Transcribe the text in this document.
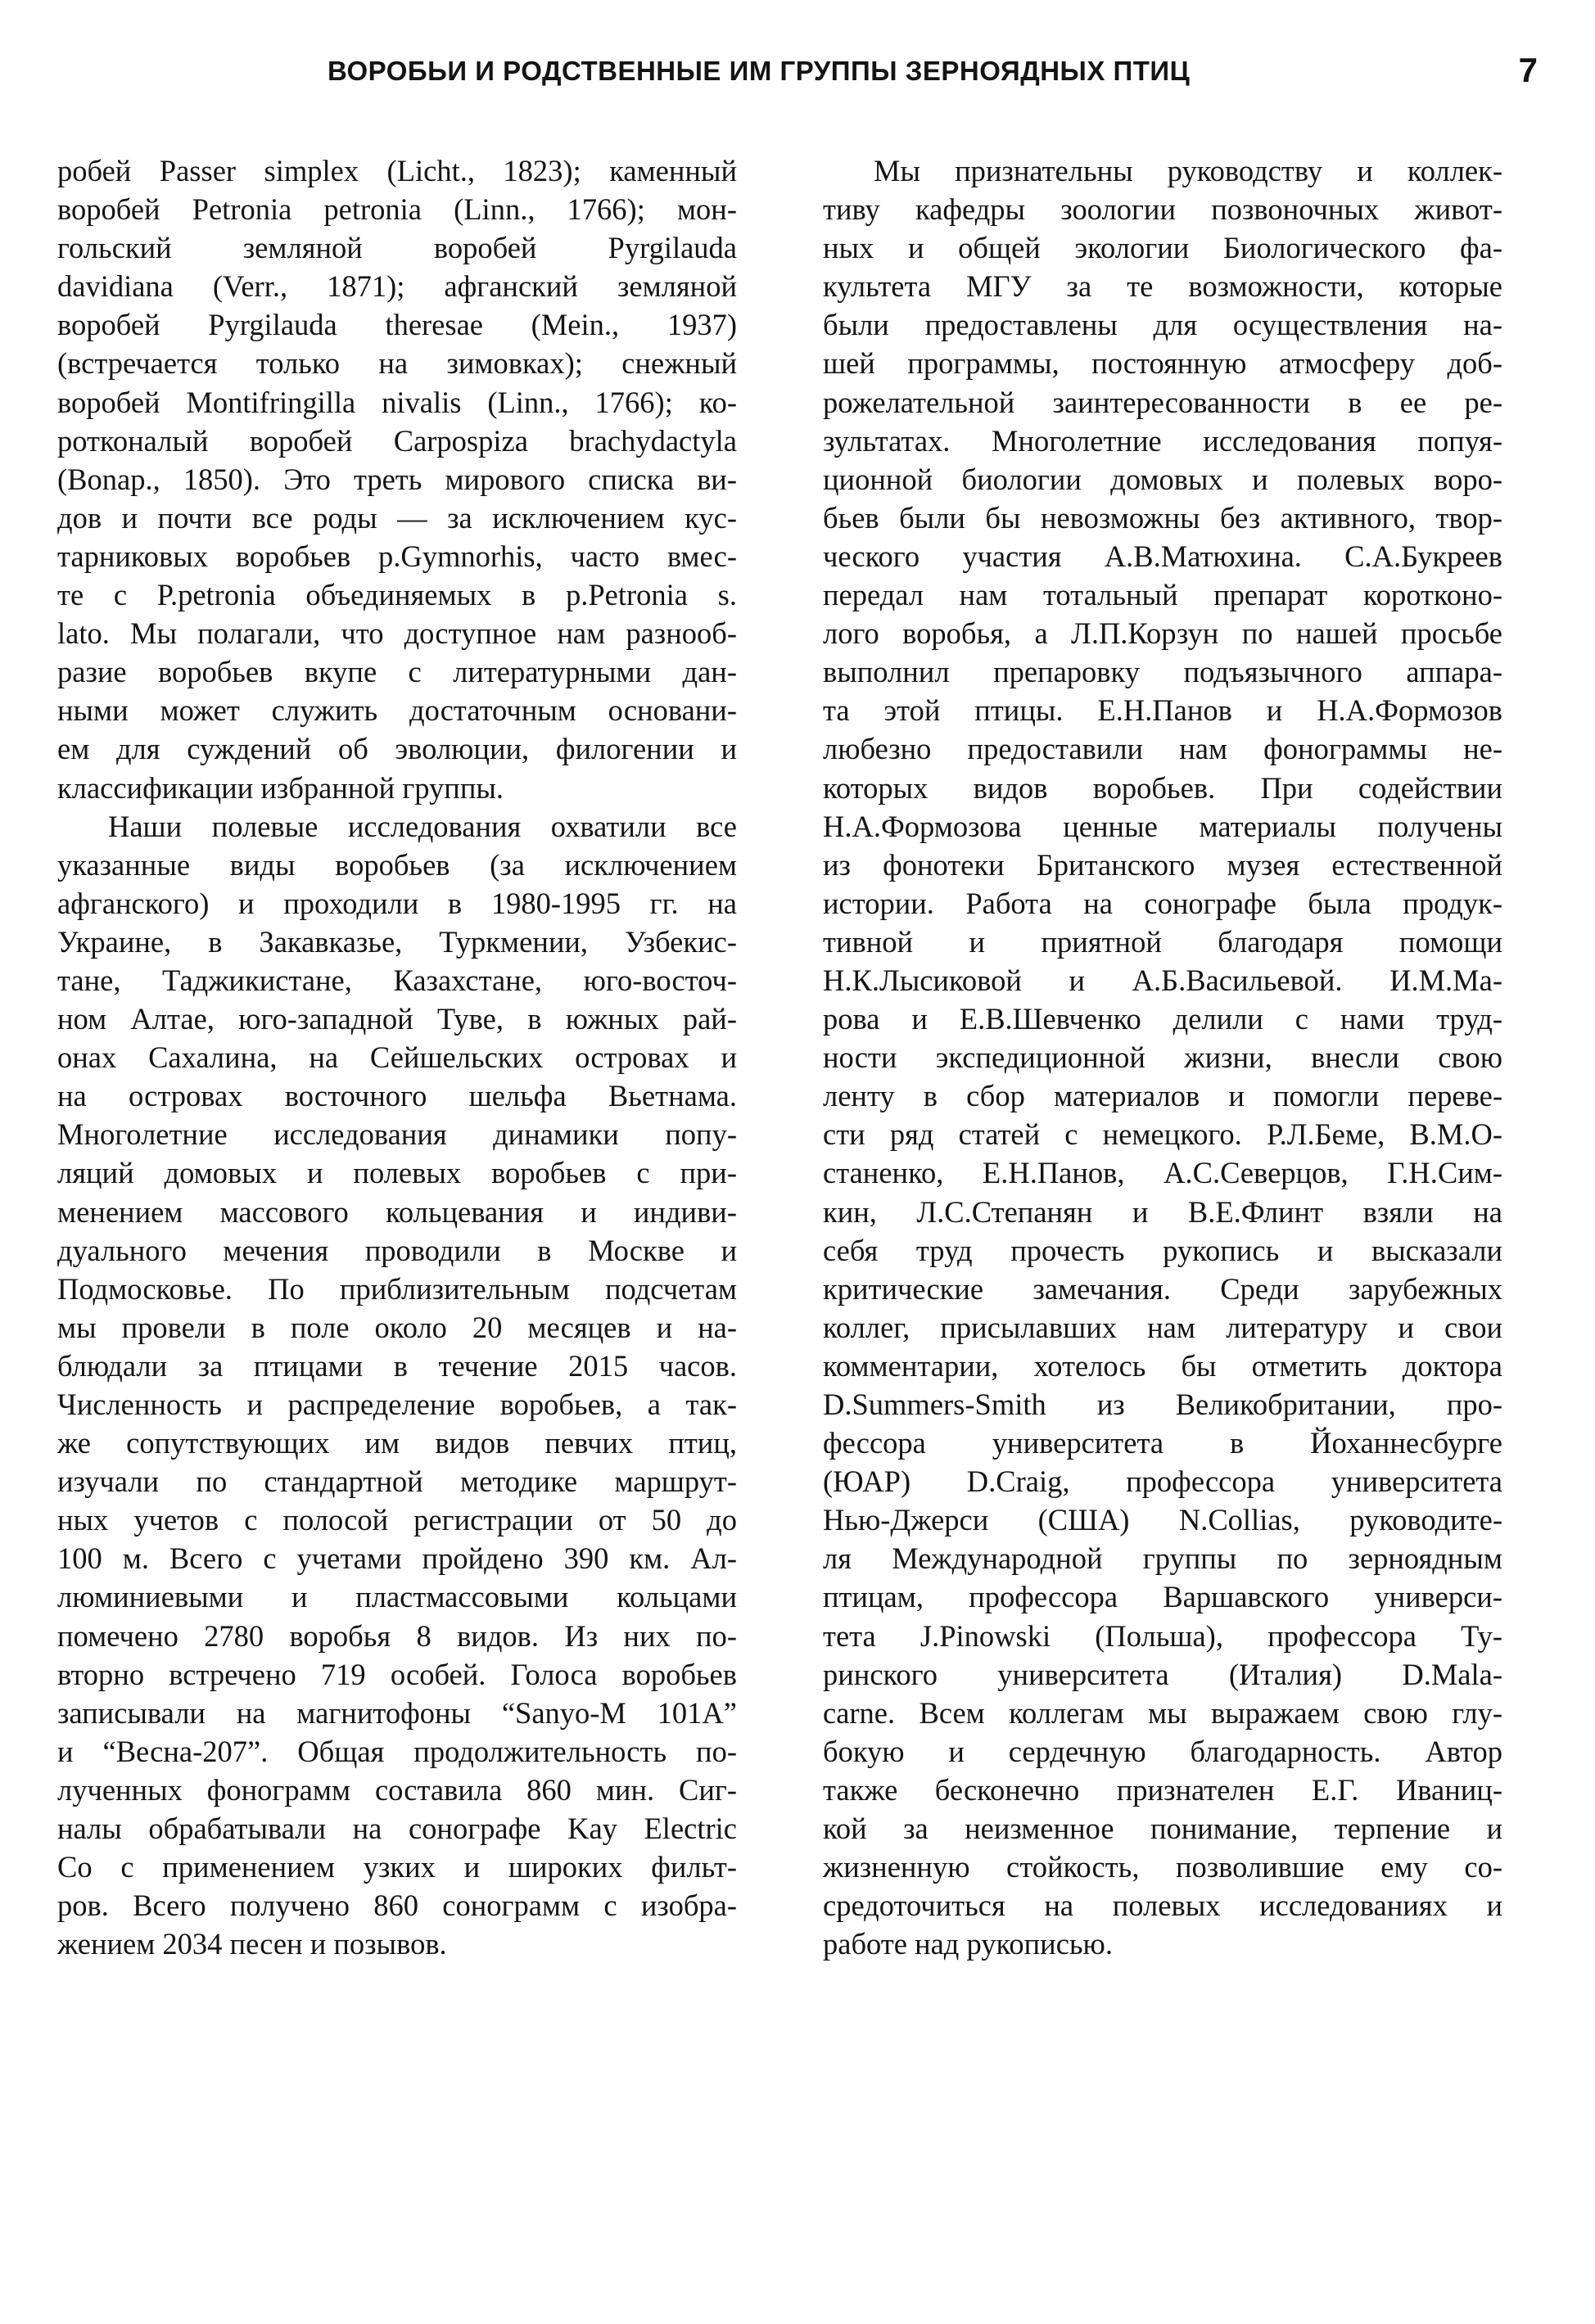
ВОРОБЬИ И РОДСТВЕННЫЕ ИМ ГРУППЫ ЗЕРНОЯДНЫХ ПТИЦ	7
робей Passer simplex (Licht., 1823); каменный
воробей Petronia petronia (Linn., 1766); мон-
гольский земляной воробей Pyrgilauda
davidiana (Verr., 1871); афганский земляной
воробей Pyrgilauda theresae (Mein., 1937)
(встречается только на зимовках); снежный
воробей Montifringilla nivalis (Linn., 1766); ко-
ротконалый воробей Carpospiza brachydactyla
(Bonap., 1850). Это треть мирового списка ви-
дов и почти все роды — за исключением кус-
тарниковых воробьев p.Gymnorhis, часто вмес-
те с P.petronia объединяемых в p.Petronia s.
lato. Мы полагали, что доступное нам разнооб-
разие воробьев вкупе с литературными дан-
ными может служить достаточным основани-
ем для суждений об эволюции, филогении и
классификации избранной группы.
Наши полевые исследования охватили все
указанные виды воробьев (за исключением
афганского) и проходили в 1980-1995 гг. на
Украине, в Закавказье, Туркмении, Узбекис-
тане, Таджикистане, Казахстане, юго-восточ-
ном Алтае, юго-западной Туве, в южных рай-
онах Сахалина, на Сейшельских островах и
на островах восточного шельфа Вьетнама.
Многолетние исследования динамики попу-
ляций домовых и полевых воробьев с при-
менением массового кольцевания и индиви-
дуального мечения проводили в Москве и
Подмосковье. По приблизительным подсчетам
мы провели в поле около 20 месяцев и на-
блюдали за птицами в течение 2015 часов.
Численность и распределение воробьев, а так-
же сопутствующих им видов певчих птиц,
изучали по стандартной методике маршрут-
ных учетов с полосой регистрации от 50 до
100 м. Всего с учетами пройдено 390 км. Ал-
люминиевыми и пластмассовыми кольцами
помечено 2780 воробья 8 видов. Из них по-
вторно встречено 719 особей. Голоса воробьев
записывали на магнитофоны “Sanyo-M 101A”
и “Весна-207”. Общая продолжительность по-
лученных фонограмм составила 860 мин. Сиг-
налы обрабатывали на сонографе Kay Electric
Co с применением узких и широких фильт-
ров. Всего получено 860 сонограмм с изобра-
жением 2034 песен и позывов.
Мы признательны руководству и коллек-
тиву кафедры зоологии позвоночных живот-
ных и общей экологии Биологического фа-
культета МГУ за те возможности, которые
были предоставлены для осуществления на-
шей программы, постоянную атмосферу доб-
рожелательной заинтересованности в ее ре-
зультатах. Многолетние исследования попуя-
ционной биологии домовых и полевых воро-
бьев были бы невозможны без активного, твор-
ческого участия А.В.Матюхина. С.А.Букреев
передал нам тотальный препарат коротконо-
лого воробья, а Л.П.Корзун по нашей просьбе
выполнил препаровку подъязычного аппара-
та этой птицы. Е.Н.Панов и Н.А.Формозов
любезно предоставили нам фонограммы не-
которых видов воробьев. При содействии
Н.А.Формозова ценные материалы получены
из фонотеки Британского музея естественной
истории. Работа на сонографе была продук-
тивной и приятной благодаря помощи
Н.К.Лысиковой и А.Б.Васильевой. И.М.Ма-
рова и Е.В.Шевченко делили с нами труд-
ности экспедиционной жизни, внесли свою
ленту в сбор материалов и помогли переве-
сти ряд статей с немецкого. Р.Л.Беме, В.М.О-
станенко, Е.Н.Панов, А.С.Северцов, Г.Н.Сим-
кин, Л.С.Степанян и В.Е.Флинт взяли на
себя труд прочесть рукопись и высказали
критические замечания. Среди зарубежных
коллег, присылавших нам литературу и свои
комментарии, хотелось бы отметить доктора
D.Summers-Smith из Великобритании, про-
фессора университета в Йоханнесбурге
(ЮАР) D.Craig, профессора университета
Нью-Джерси (США) N.Collias, руководите-
ля Международной группы по зерноядным
птицам, профессора Варшавского универси-
тета J.Pinowski (Польша), профессора Ту-
ринского университета (Италия) D.Mala-
carne. Всем коллегам мы выражаем свою глу-
бокую и сердечную благодарность. Автор
также бесконечно признателен Е.Г. Иваниц-
кой за неизменное понимание, терпение и
жизненную стойкость, позволившие ему со-
средоточиться на полевых исследованиях и
работе над рукописью.
